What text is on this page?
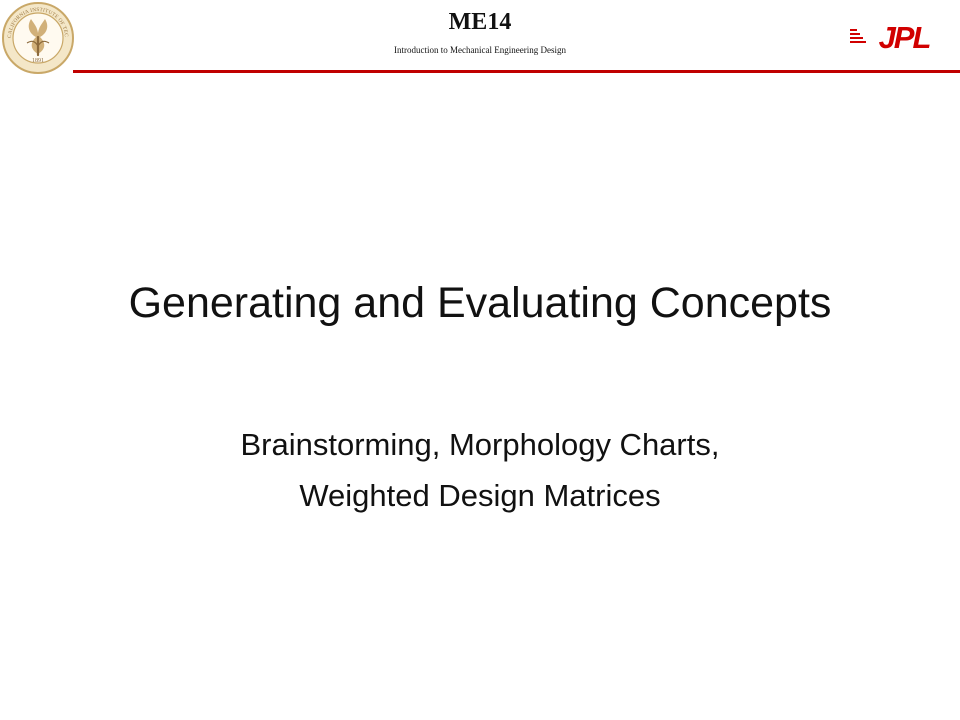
CALIFORNIA INSTITUTE OF TEC
1891
ME14
Introduction to Mechanical Engineering Design	JPL
Generating and Evaluating Concepts
Brainstorming, Morphology Charts,
Weighted Design Matrices
